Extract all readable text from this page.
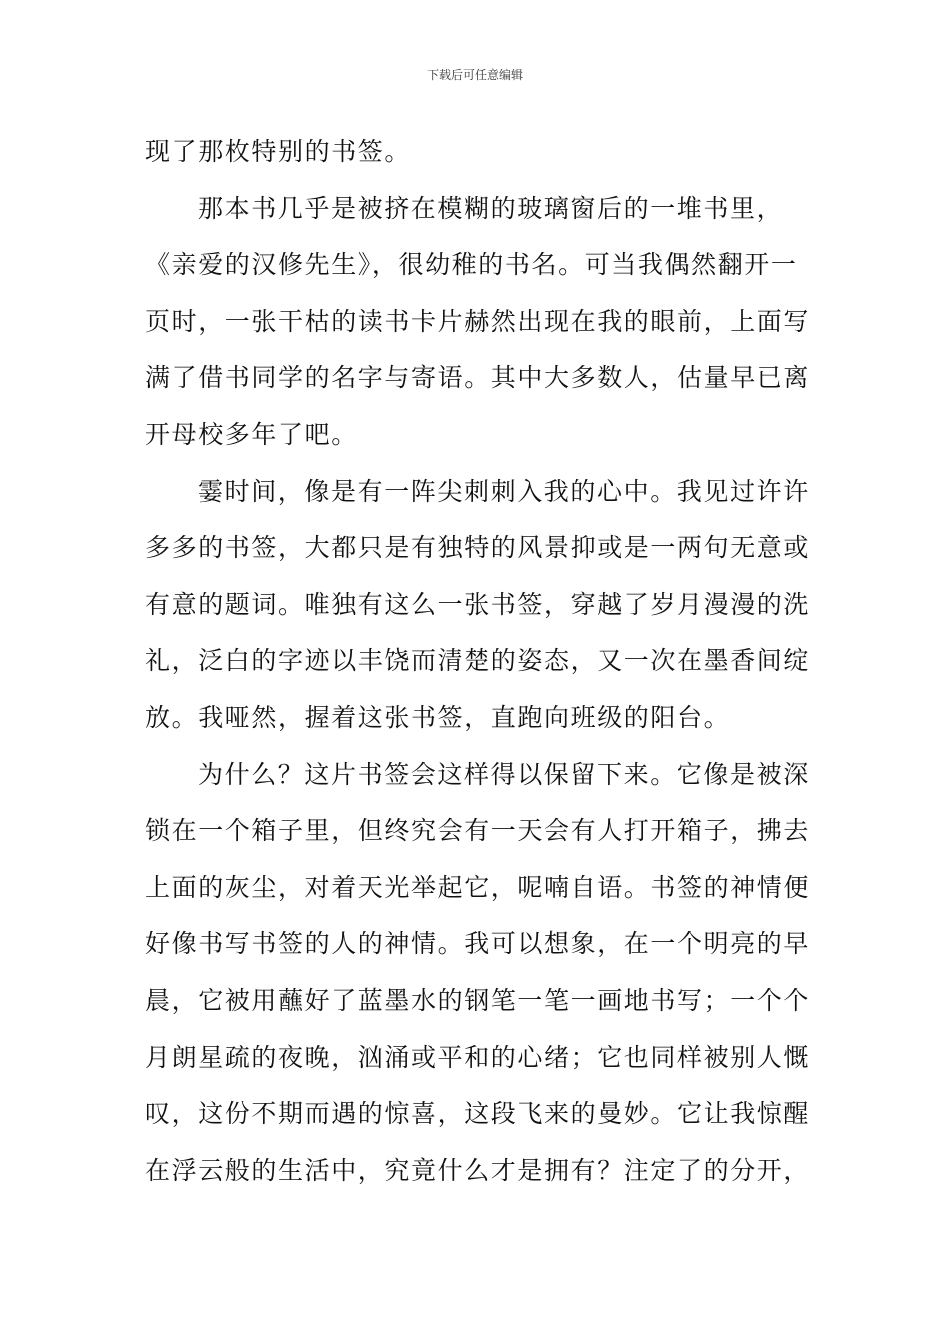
下载后可任意编辑
现了那枚特别的书签。
那本书几乎是被挤在模糊的玻璃窗后的一堆书里，
《亲爱的汉修先生》，很幼稚的书名。可当我偶然翻开一
页时，一张干枯的读书卡片赫然出现在我的眼前，上面写
满了借书同学的名字与寄语。其中大多数人，估量早已离
开母校多年了吧。
霎时间，像是有一阵尖刺刺入我的心中。我见过许许
多多的书签，大都只是有独特的风景抑或是一两句无意或
有意的题词。唯独有这么一张书签，穿越了岁月漫漫的洗
礼，泛白的字迹以丰饶而清楚的姿态，又一次在墨香间绽
放。我哑然，握着这张书签，直跑向班级的阳台。
为什么？这片书签会这样得以保留下来。它像是被深
锁在一个箱子里，但终究会有一天会有人打开箱子，拂去
上面的灰尘，对着天光举起它，呢喃自语。书签的神情便
好像书写书签的人的神情。我可以想象，在一个明亮的早
晨，它被用蘸好了蓝墨水的钢笔一笔一画地书写；一个个
月朗星疏的夜晚，汹涌或平和的心绪；它也同样被别人慨
叹，这份不期而遇的惊喜，这段飞来的曼妙。它让我惊醒
在浮云般的生活中，究竟什么才是拥有？注定了的分开，
